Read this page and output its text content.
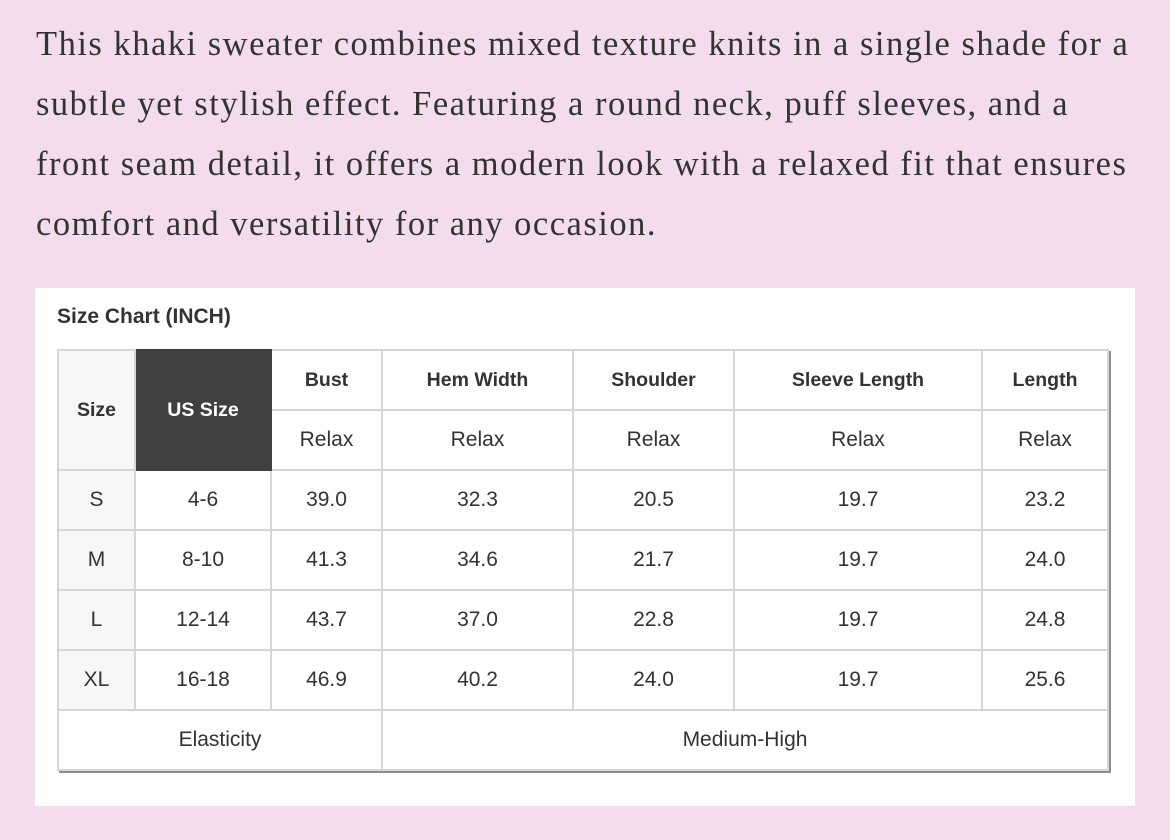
This khaki sweater combines mixed texture knits in a single shade for a subtle yet stylish effect. Featuring a round neck, puff sleeves, and a front seam detail, it offers a modern look with a relaxed fit that ensures comfort and versatility for any occasion.

Size Chart (INCH)
Size	US Size	Bust	Hem Width	Shoulder	Sleeve Length	Length
		Relax	Relax	Relax	Relax	Relax
S	4-6	39.0	32.3	20.5	19.7	23.2
M	8-10	41.3	34.6	21.7	19.7	24.0
L	12-14	43.7	37.0	22.8	19.7	24.8
XL	16-18	46.9	40.2	24.0	19.7	25.6
Elasticity			Medium-High			
